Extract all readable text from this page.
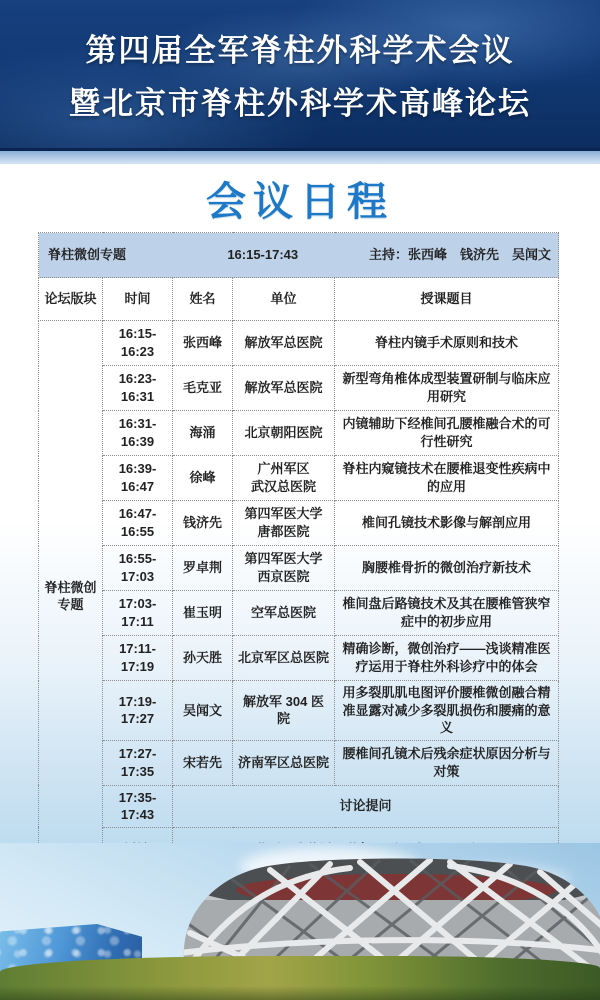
第四届全军脊柱外科学术会议
暨北京市脊柱外科学术高峰论坛
会议日程
脊柱微创专题 16:15-17:43 主持：张西峰　钱济先　吴闻文				

论坛版块	时间	姓名	单位	授课题目
脊柱微创专题	16:15-16:23	张西峰	解放军总医院	脊柱内镜手术原则和技术
	16:23-16:31	毛克亚	解放军总医院	新型弯角椎体成型装置研制与临床应用研究
	16:31-16:39	海涌	北京朝阳医院	内镜辅助下经椎间孔腰椎融合术的可行性研究
	16:39-16:47	徐峰	广州军区
武汉总医院	脊柱内窥镜技术在腰椎退变性疾病中的应用
	16:47-16:55	钱济先	第四军医大学
唐都医院	椎间孔镜技术影像与解剖应用
	16:55-17:03	罗卓荆	第四军医大学
西京医院	胸腰椎骨折的微创治疗新技术
	17:03-17:11	崔玉明	空军总医院	椎间盘后路镜技术及其在腰椎管狭窄症中的初步应用
	17:11-17:19	孙天胜	北京军区总医院	精确诊断，微创治疗——浅谈精准医疗运用于脊柱外科诊疗中的体会
	17:19-17:27	吴闻文	解放军 304 医院	用多裂肌肌电图评价腰椎微创融合精准显露对减少多裂肌损伤和腰痛的意义
	17:27-17:35	宋若先	济南军区总医院	腰椎间孔镜术后残余症状原因分析与对策
	17:35-17:43	讨论提问		
